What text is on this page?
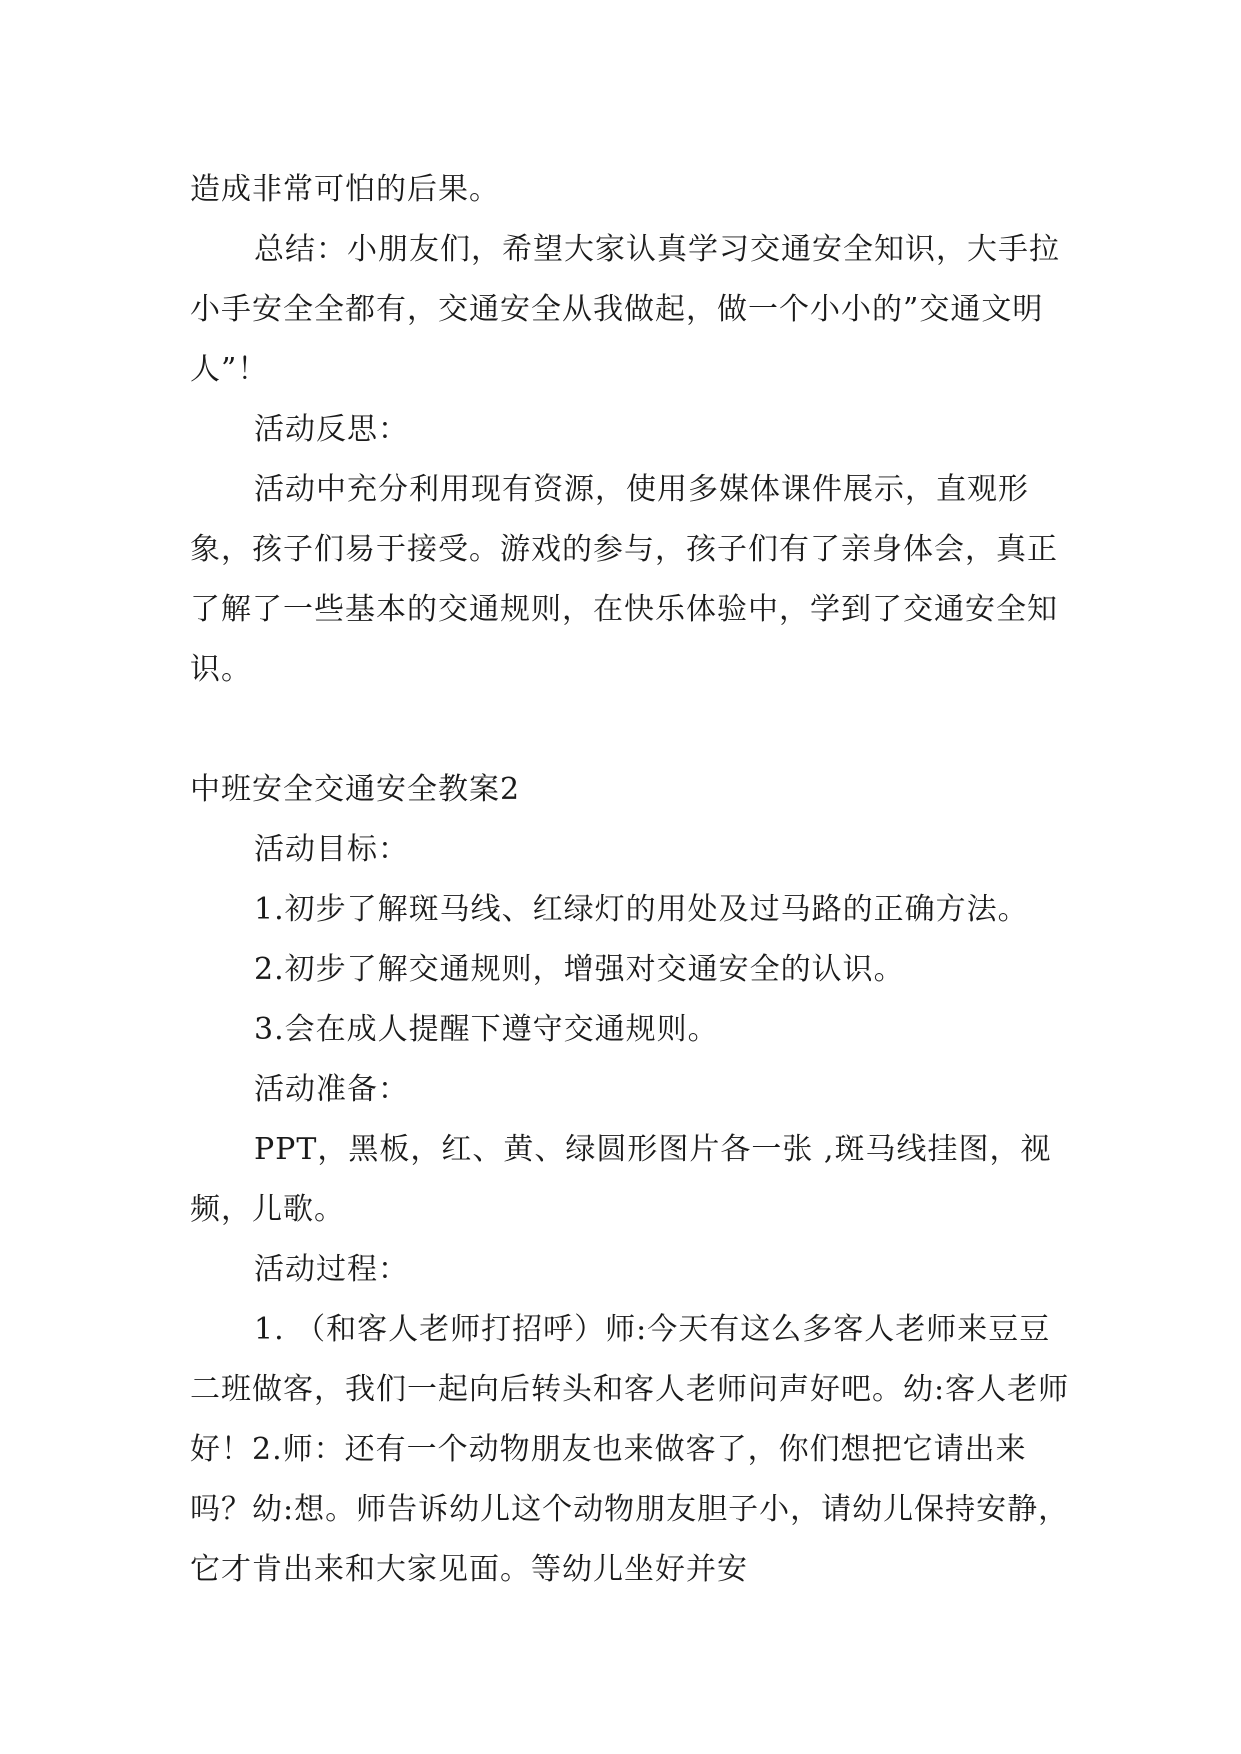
造成非常可怕的后果。

总结：小朋友们，希望大家认真学习交通安全知识，大手拉小手安全全都有，交通安全从我做起，做一个小小的”交通文明人”！

活动反思：

活动中充分利用现有资源，使用多媒体课件展示，直观形象，孩子们易于接受。游戏的参与，孩子们有了亲身体会，真正了解了一些基本的交通规则，在快乐体验中，学到了交通安全知识。

中班安全交通安全教案2

活动目标：

1.初步了解斑马线、红绿灯的用处及过马路的正确方法。

2.初步了解交通规则，增强对交通安全的认识。

3.会在成人提醒下遵守交通规则。

活动准备：

PPT，黑板，红、黄、绿圆形图片各一张 ,斑马线挂图，视频，儿歌。

活动过程：

1. （和客人老师打招呼）师:今天有这么多客人老师来豆豆二班做客，我们一起向后转头和客人老师问声好吧。幼:客人老师好！2.师：还有一个动物朋友也来做客了，你们想把它请出来吗？幼:想。师告诉幼儿这个动物朋友胆子小，请幼儿保持安静，它才肯出来和大家见面。等幼儿坐好并安
